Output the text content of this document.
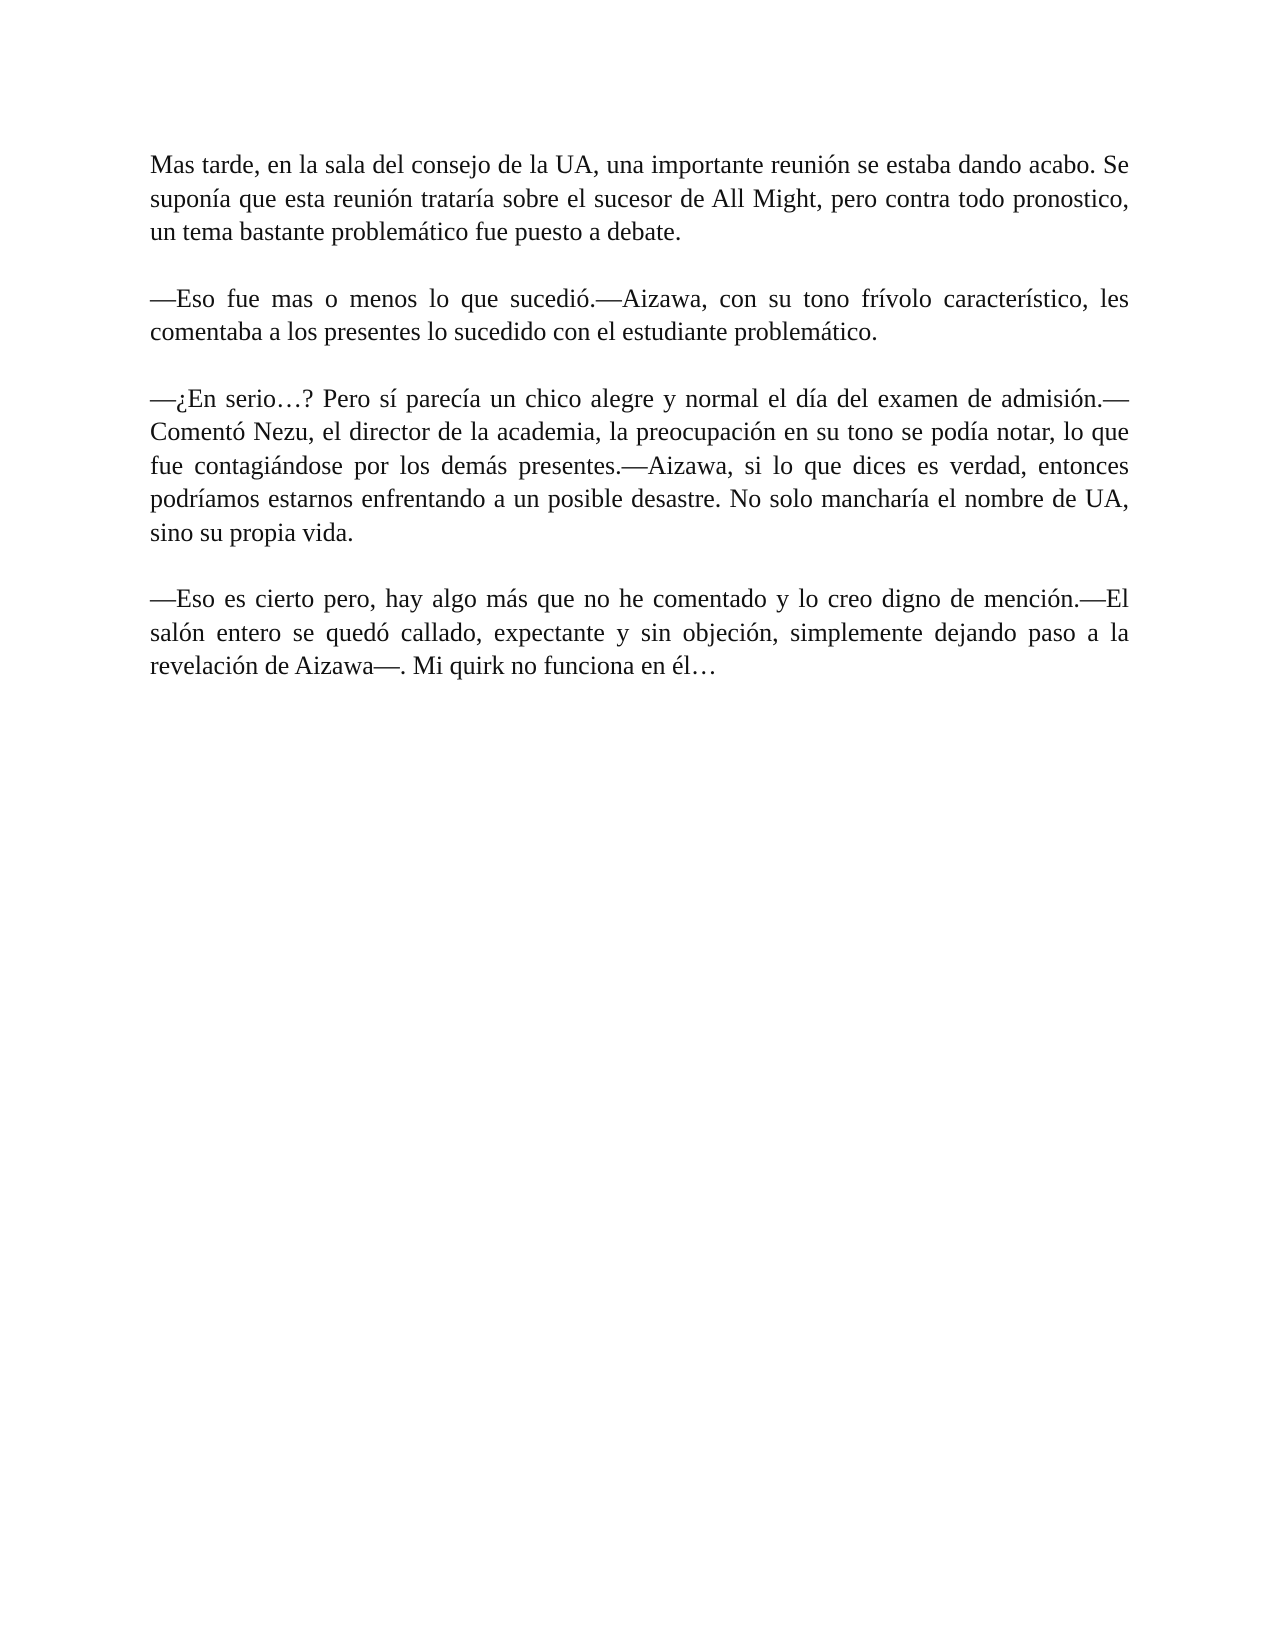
Mas tarde, en la sala del consejo de la UA, una importante reunión se estaba dando acabo. Se suponía que esta reunión trataría sobre el sucesor de All Might, pero contra todo pronostico, un tema bastante problemático fue puesto a debate.

—Eso fue mas o menos lo que sucedió.—Aizawa, con su tono frívolo característico, les comentaba a los presentes lo sucedido con el estudiante problemático.

—¿En serio…? Pero sí parecía un chico alegre y normal el día del examen de admisión.—Comentó Nezu, el director de la academia, la preocupación en su tono se podía notar, lo que fue contagiándose por los demás presentes.—Aizawa, si lo que dices es verdad, entonces podríamos estarnos enfrentando a un posible desastre. No solo mancharía el nombre de UA, sino su propia vida.

—Eso es cierto pero, hay algo más que no he comentado y lo creo digno de mención.—El salón entero se quedó callado, expectante y sin objeción, simplemente dejando paso a la revelación de Aizawa—. Mi quirk no funciona en él…
